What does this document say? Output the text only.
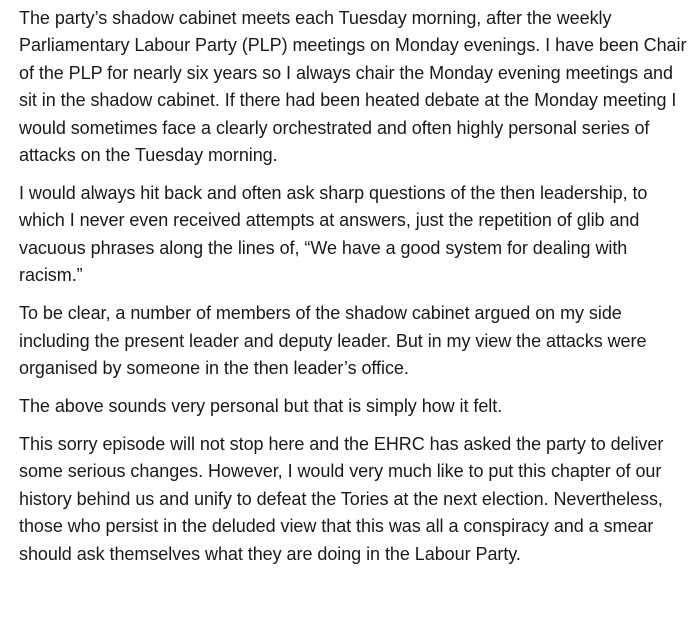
The party’s shadow cabinet meets each Tuesday morning, after the weekly Parliamentary Labour Party (PLP) meetings on Monday evenings. I have been Chair of the PLP for nearly six years so I always chair the Monday evening meetings and sit in the shadow cabinet. If there had been heated debate at the Monday meeting I would sometimes face a clearly orchestrated and often highly personal series of attacks on the Tuesday morning.

I would always hit back and often ask sharp questions of the then leadership, to which I never even received attempts at answers, just the repetition of glib and vacuous phrases along the lines of, “We have a good system for dealing with racism.”

To be clear, a number of members of the shadow cabinet argued on my side including the present leader and deputy leader. But in my view the attacks were organised by someone in the then leader’s office.

The above sounds very personal but that is simply how it felt.

This sorry episode will not stop here and the EHRC has asked the party to deliver some serious changes. However, I would very much like to put this chapter of our history behind us and unify to defeat the Tories at the next election. Nevertheless, those who persist in the deluded view that this was all a conspiracy and a smear should ask themselves what they are doing in the Labour Party.
